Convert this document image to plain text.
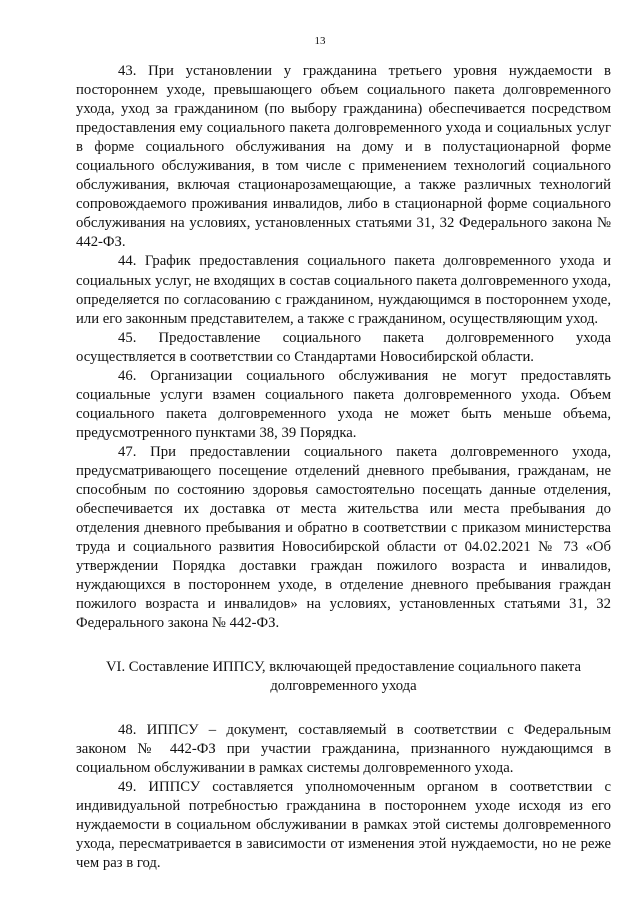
13

43. При установлении у гражданина третьего уровня нуждаемости в постороннем уходе, превышающего объем социального пакета долговременного ухода, уход за гражданином (по выбору гражданина) обеспечивается посредством предоставления ему социального пакета долговременного ухода и социальных услуг в форме социального обслуживания на дому и в полустационарной форме социального обслуживания, в том числе с применением технологий социального обслуживания, включая стационарозамещающие, а также различных технологий сопровождаемого проживания инвалидов, либо в стационарной форме социального обслуживания на условиях, установленных статьями 31, 32 Федерального закона № 442-ФЗ.

44. График предоставления социального пакета долговременного ухода и социальных услуг, не входящих в состав социального пакета долговременного ухода, определяется по согласованию с гражданином, нуждающимся в постороннем уходе, или его законным представителем, а также с гражданином, осуществляющим уход.

45. Предоставление социального пакета долговременного ухода осуществляется в соответствии со Стандартами Новосибирской области.

46. Организации социального обслуживания не могут предоставлять социальные услуги взамен социального пакета долговременного ухода. Объем социального пакета долговременного ухода не может быть меньше объема, предусмотренного пунктами 38, 39 Порядка.

47. При предоставлении социального пакета долговременного ухода, предусматривающего посещение отделений дневного пребывания, гражданам, не способным по состоянию здоровья самостоятельно посещать данные отделения, обеспечивается их доставка от места жительства или места пребывания до отделения дневного пребывания и обратно в соответствии с приказом министерства труда и социального развития Новосибирской области от 04.02.2021 № 73 «Об утверждении Порядка доставки граждан пожилого возраста и инвалидов, нуждающихся в постороннем уходе, в отделение дневного пребывания граждан пожилого возраста и инвалидов» на условиях, установленных статьями 31, 32 Федерального закона № 442-ФЗ.

VI. Составление ИППСУ, включающей предоставление социального пакета долговременного ухода

48. ИППСУ – документ, составляемый в соответствии с Федеральным законом № 442-ФЗ при участии гражданина, признанного нуждающимся в социальном обслуживании в рамках системы долговременного ухода.

49. ИППСУ составляется уполномоченным органом в соответствии с индивидуальной потребностью гражданина в постороннем уходе исходя из его нуждаемости в социальном обслуживании в рамках этой системы долговременного ухода, пересматривается в зависимости от изменения этой нуждаемости, но не реже чем раз в год.
